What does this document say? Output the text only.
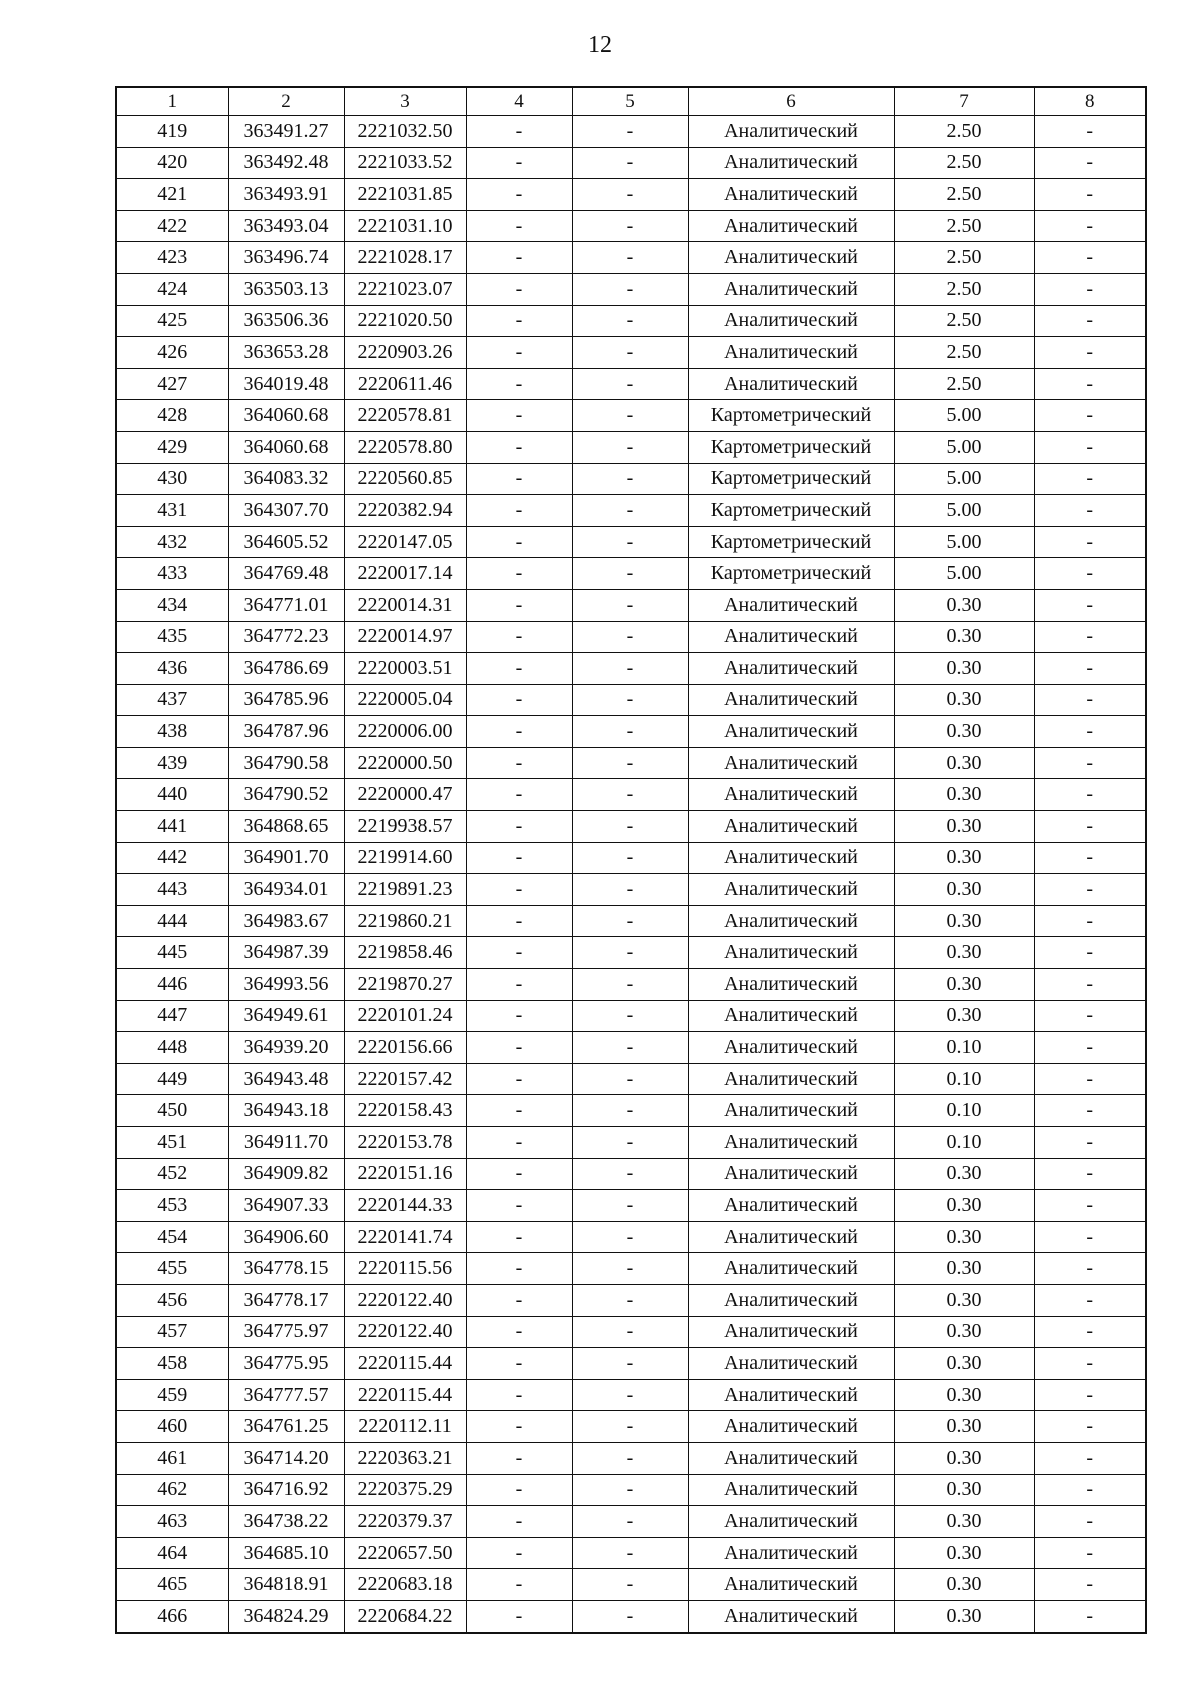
12
1	2	3	4	5	6	7	8
419	363491.27	2221032.50	-	-	Аналитический	2.50	-
420	363492.48	2221033.52	-	-	Аналитический	2.50	-
421	363493.91	2221031.85	-	-	Аналитический	2.50	-
422	363493.04	2221031.10	-	-	Аналитический	2.50	-
423	363496.74	2221028.17	-	-	Аналитический	2.50	-
424	363503.13	2221023.07	-	-	Аналитический	2.50	-
425	363506.36	2221020.50	-	-	Аналитический	2.50	-
426	363653.28	2220903.26	-	-	Аналитический	2.50	-
427	364019.48	2220611.46	-	-	Аналитический	2.50	-
428	364060.68	2220578.81	-	-	Картометрический	5.00	-
429	364060.68	2220578.80	-	-	Картометрический	5.00	-
430	364083.32	2220560.85	-	-	Картометрический	5.00	-
431	364307.70	2220382.94	-	-	Картометрический	5.00	-
432	364605.52	2220147.05	-	-	Картометрический	5.00	-
433	364769.48	2220017.14	-	-	Картометрический	5.00	-
434	364771.01	2220014.31	-	-	Аналитический	0.30	-
435	364772.23	2220014.97	-	-	Аналитический	0.30	-
436	364786.69	2220003.51	-	-	Аналитический	0.30	-
437	364785.96	2220005.04	-	-	Аналитический	0.30	-
438	364787.96	2220006.00	-	-	Аналитический	0.30	-
439	364790.58	2220000.50	-	-	Аналитический	0.30	-
440	364790.52	2220000.47	-	-	Аналитический	0.30	-
441	364868.65	2219938.57	-	-	Аналитический	0.30	-
442	364901.70	2219914.60	-	-	Аналитический	0.30	-
443	364934.01	2219891.23	-	-	Аналитический	0.30	-
444	364983.67	2219860.21	-	-	Аналитический	0.30	-
445	364987.39	2219858.46	-	-	Аналитический	0.30	-
446	364993.56	2219870.27	-	-	Аналитический	0.30	-
447	364949.61	2220101.24	-	-	Аналитический	0.30	-
448	364939.20	2220156.66	-	-	Аналитический	0.10	-
449	364943.48	2220157.42	-	-	Аналитический	0.10	-
450	364943.18	2220158.43	-	-	Аналитический	0.10	-
451	364911.70	2220153.78	-	-	Аналитический	0.10	-
452	364909.82	2220151.16	-	-	Аналитический	0.30	-
453	364907.33	2220144.33	-	-	Аналитический	0.30	-
454	364906.60	2220141.74	-	-	Аналитический	0.30	-
455	364778.15	2220115.56	-	-	Аналитический	0.30	-
456	364778.17	2220122.40	-	-	Аналитический	0.30	-
457	364775.97	2220122.40	-	-	Аналитический	0.30	-
458	364775.95	2220115.44	-	-	Аналитический	0.30	-
459	364777.57	2220115.44	-	-	Аналитический	0.30	-
460	364761.25	2220112.11	-	-	Аналитический	0.30	-
461	364714.20	2220363.21	-	-	Аналитический	0.30	-
462	364716.92	2220375.29	-	-	Аналитический	0.30	-
463	364738.22	2220379.37	-	-	Аналитический	0.30	-
464	364685.10	2220657.50	-	-	Аналитический	0.30	-
465	364818.91	2220683.18	-	-	Аналитический	0.30	-
466	364824.29	2220684.22	-	-	Аналитический	0.30	-
